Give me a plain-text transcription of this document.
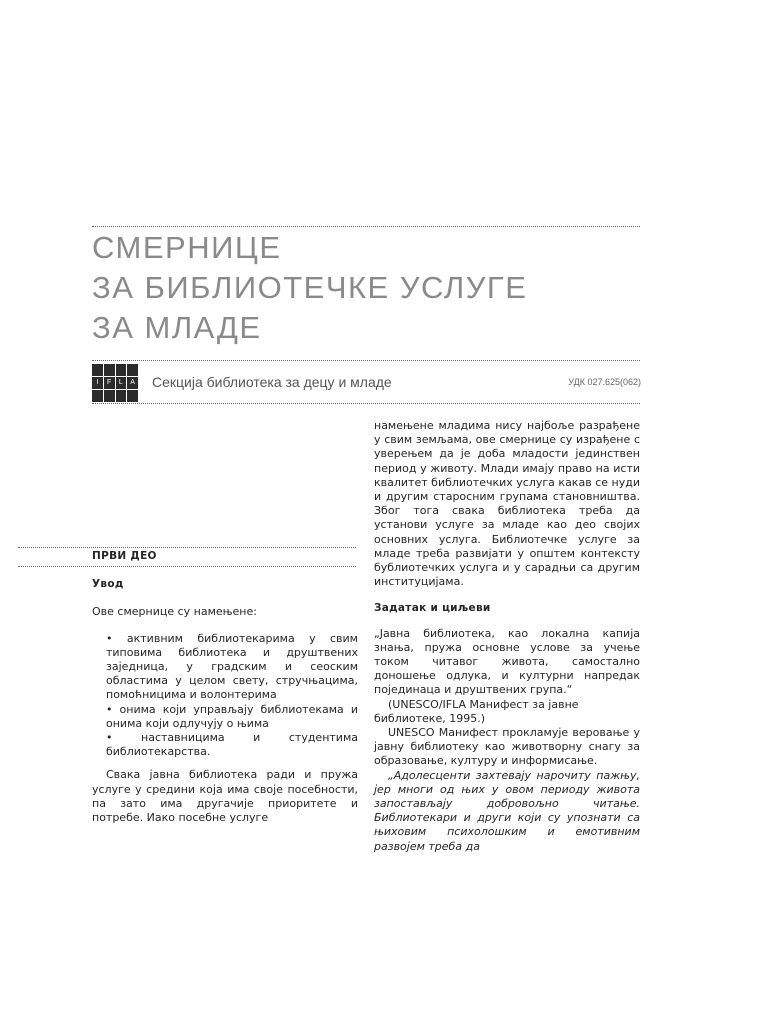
СМЕРНИЦЕ
ЗА БИБЛИОТЕЧКЕ УСЛУГЕ
ЗА МЛАДЕ
I	F	L	A Секција библиотека за децу и младе	УДК 027.625(062)

ПРВИ ДЕО

Увод

Ове смернице су намењене:

• активним библиотекарима у свим типовима библиотека и друштвених заједница, у градским и сеоским областима у целом свету, стручњацима, помоћницима и волонтерима

• онима који управљају библиотекама и онима који одлучују о њима

• наставницима и студентима библиотекарства.

Свака јавна библиотека ради и пружа услуге у средини која има своје посебности, па зато има другачије приоритете и потребе. Иако посебне услуге

намењене младима нису најбоље разрађене у свим земљама, ове смернице су израђене с уверењем да је доба младости јединствен период у животу. Млади имају право на исти квалитет библиотечких услуга какав се нуди и другим старосним групама становништва. Због тога свака библиотека треба да установи услуге за младе као део својих основних услуга. Библиотечке услуге за младе треба развијати у општем контексту бублиотечких услуга и у сарадњи са другим институцијама.

Задатак и циљеви

„Јавна библиотека, као локална капија знања, пружа основне услове за учење током читавог живота, самостално доношење одлука, и културни напредак појединаца и друштвених група.“

(UNESCO/IFLA Манифест за јавне библиотеке, 1995.)

UNESCO Манифест прокламује веровање у јавну библиотеку као животворну снагу за образовање, културу и информисање.

„Адолесценти захтевају нарочиту пажњу, јер многи од њих у овом периоду живота запостављају добровољно читање. Библиотекари и други који су упознати са њиховим психолошким и емотивним развојем треба да
